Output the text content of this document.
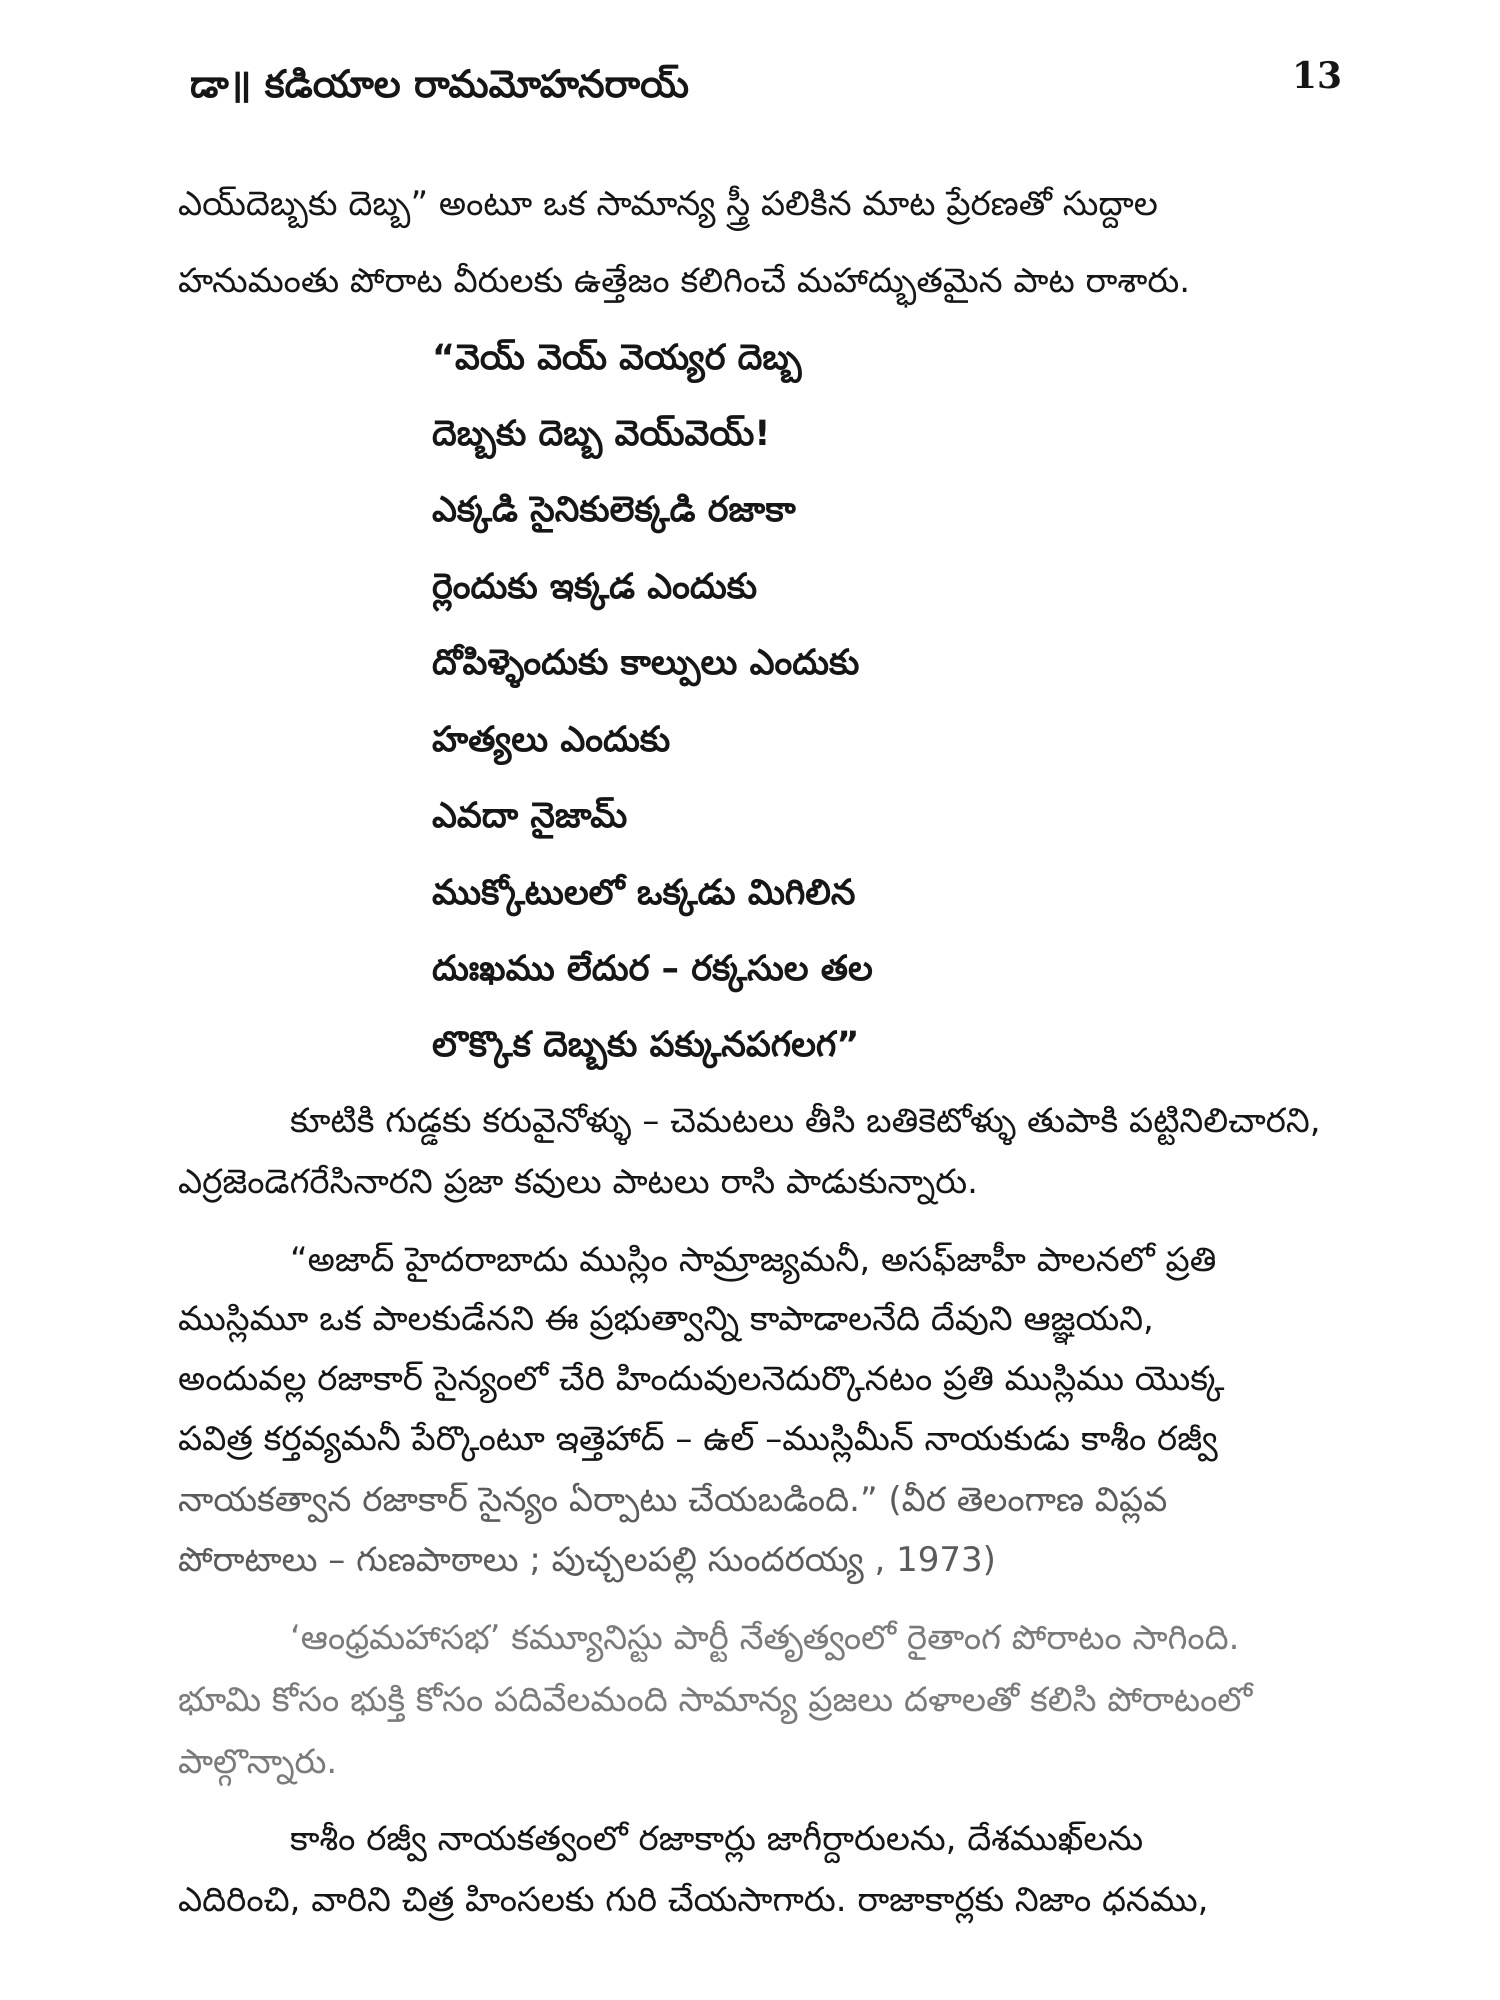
డా॥ కడియాల రామమోహనరాయ్	13
ఎయ్‌దెబ్బకు దెబ్బ” అంటూ ఒక సామాన్య స్త్రీ పలికిన మాట ప్రేరణతో సుద్దాల
హనుమంతు పోరాట వీరులకు ఉత్తేజం కలిగించే మహాద్భుతమైన పాట రాశారు.
“వెయ్ వెయ్ వెయ్యర దెబ్బ
దెబ్బకు దెబ్బ వెయ్‌వెయ్!
ఎక్కడి సైనికులెక్కడి రజాకా
ర్లెందుకు ఇక్కడ ఎందుకు
దోపిళ్ళెందుకు కాల్పులు ఎందుకు
హత్యలు ఎందుకు
ఎవదా నైజామ్
ముక్కోటులలో ఒక్కడు మిగిలిన
దుఃఖము లేదుర – రక్కసుల తల
లొక్కొక దెబ్బకు పక్కునపగలగ”
కూటికి గుడ్డకు కరువైనోళ్ళు – చెమటలు తీసి బతికెటోళ్ళు తుపాకి పట్టినిలిచారని,
ఎర్రజెండెగరేసినారని ప్రజా కవులు పాటలు రాసి పాడుకున్నారు.
“అజాద్ హైదరాబాదు ముస్లిం సామ్రాజ్యమనీ, అసఫ్‌జాహీ పాలనలో ప్రతి
ముస్లిమూ ఒక పాలకుడేనని ఈ ప్రభుత్వాన్ని కాపాడాలనేది దేవుని ఆజ్ఞయని,
అందువల్ల రజాకార్ సైన్యంలో చేరి హిందువులనెదుర్కొనటం ప్రతి ముస్లిము యొక్క
పవిత్ర కర్తవ్యమనీ పేర్కొంటూ ఇత్తెహాద్ – ఉల్ –ముస్లిమీన్ నాయకుడు కాశీం రజ్వీ
నాయకత్వాన రజాకార్ సైన్యం ఏర్పాటు చేయబడింది.” (వీర తెలంగాణ విప్లవ
పోరాటాలు – గుణపాఠాలు ; పుచ్చలపల్లి సుందరయ్య , 1973)
‘ఆంధ్రమహాసభ’ కమ్యూనిస్టు పార్టీ నేతృత్వంలో రైతాంగ పోరాటం సాగింది.
భూమి కోసం భుక్తి కోసం పదివేలమంది సామాన్య ప్రజలు దళాలతో కలిసి పోరాటంలో
పాల్గొన్నారు.
కాశీం రజ్వీ నాయకత్వంలో రజాకార్లు జాగీర్దారులను, దేశముఖ్‌లను
ఎదిరించి, వారిని చిత్ర హింసలకు గురి చేయసాగారు. రాజాకార్లకు నిజాం ధనము,
